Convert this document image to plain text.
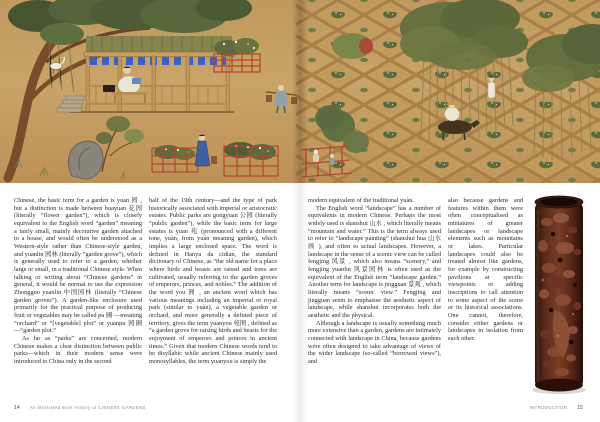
Chinese, the basic term for a garden is yuan 园 , but a distinction is made between huayuan 花园 (literally “flower garden”), which is closely equivalent to the English word “garden” meaning a fairly small, mainly decorative garden attached to a house, and would often be understood as a Western-style rather than Chinese-style garden, and yuanlin 园林 (literally “garden grove”), which is generally used to refer to a garden, whether large or small, in a traditional Chinese style. When talking or writing about “Chinese gardens” in general, it would be normal to use the expression Zhongguo yuanlin 中国园林 (literally “Chinese garden groves”). A garden-like enclosure used primarily for the practical purpose of producing fruit or vegetables may be called pu 圃 —meaning “orchard” or “[vegetable] plot” or yuanpu 园圃 —“garden plot.”

As far as “parks” are concerned, modern Chinese makes a clear distinction between public parks—which in their modern sense were introduced to China only in the second

half of the 19th century—and the type of park historically associated with imperial or aristocratic estates. Public parks are gongyuan 公园 (literally “public garden”), while the basic term for large estates is yuan 苑 (pronounced with a different tone, yuàn, from yuán meaning garden), which implies a large enclosed space. The word is defined in Hanyu da cidian, the standard dictionary of Chinese, as “the old name for a place where birds and beasts are raised and trees are cultivated, usually referring to the garden groves of emperors, princes, and nobles.” The addition of the word you 囿 , an ancient word which has various meanings including an imperial or royal park (similar to yuàn), a vegetable garden or orchard, and more generally a defined piece of territory, gives the term yuanyou 苑囿 , defined as “a garden grove for raising birds and beasts for the enjoyment of emperors and princes in ancient times.” Given that modern Chinese words tend to be disyllabic while ancient Chinese mainly used monosyllables, the term yuanyou is simply the

14 An Illustrated Brief History of CHINESE GARDENS

modern equivalent of the traditional yuàn.

The English word “landscape” has a number of equivalents in modern Chinese. Perhaps the most widely used is shanshui 山水 , which literally means “mountain and water.” This is the term always used to refer to “landscape painting” (shanshui hua 山水画 ), and often to actual landscapes. However, a landscape in the sense of a scenic view can be called fengjing 风景 , which also means “scenery,” and fengjing yuanlin 风景园林 is often used as the equivalent of the English term “landscape garden.” Another term for landscape is jingguan 景观 , which literally means “scenic view.” Fengjing and jingguan seem to emphasise the aesthetic aspect of landscape, while shanshui incorporates both the aesthetic and the physical.

Although a landscape is usually something much more extensive than a garden, gardens are intimately connected with landscape in China, because gardens were often designed to take advantage of views of the wider landscape (so-called “borrowed views”), and

also because gardens and features within them were often conceptualised as miniatures of greater landscapes or landscape elements such as mountains or lakes. Particular landscapes could also be treated almost like gardens, for example by constructing pavilions at specific viewpoints or adding inscriptions to call attention to some aspect of the scene or its historical associations. One cannot, therefore, consider either gardens or landscapes in isolation from each other.

INTRODUCTION 15
